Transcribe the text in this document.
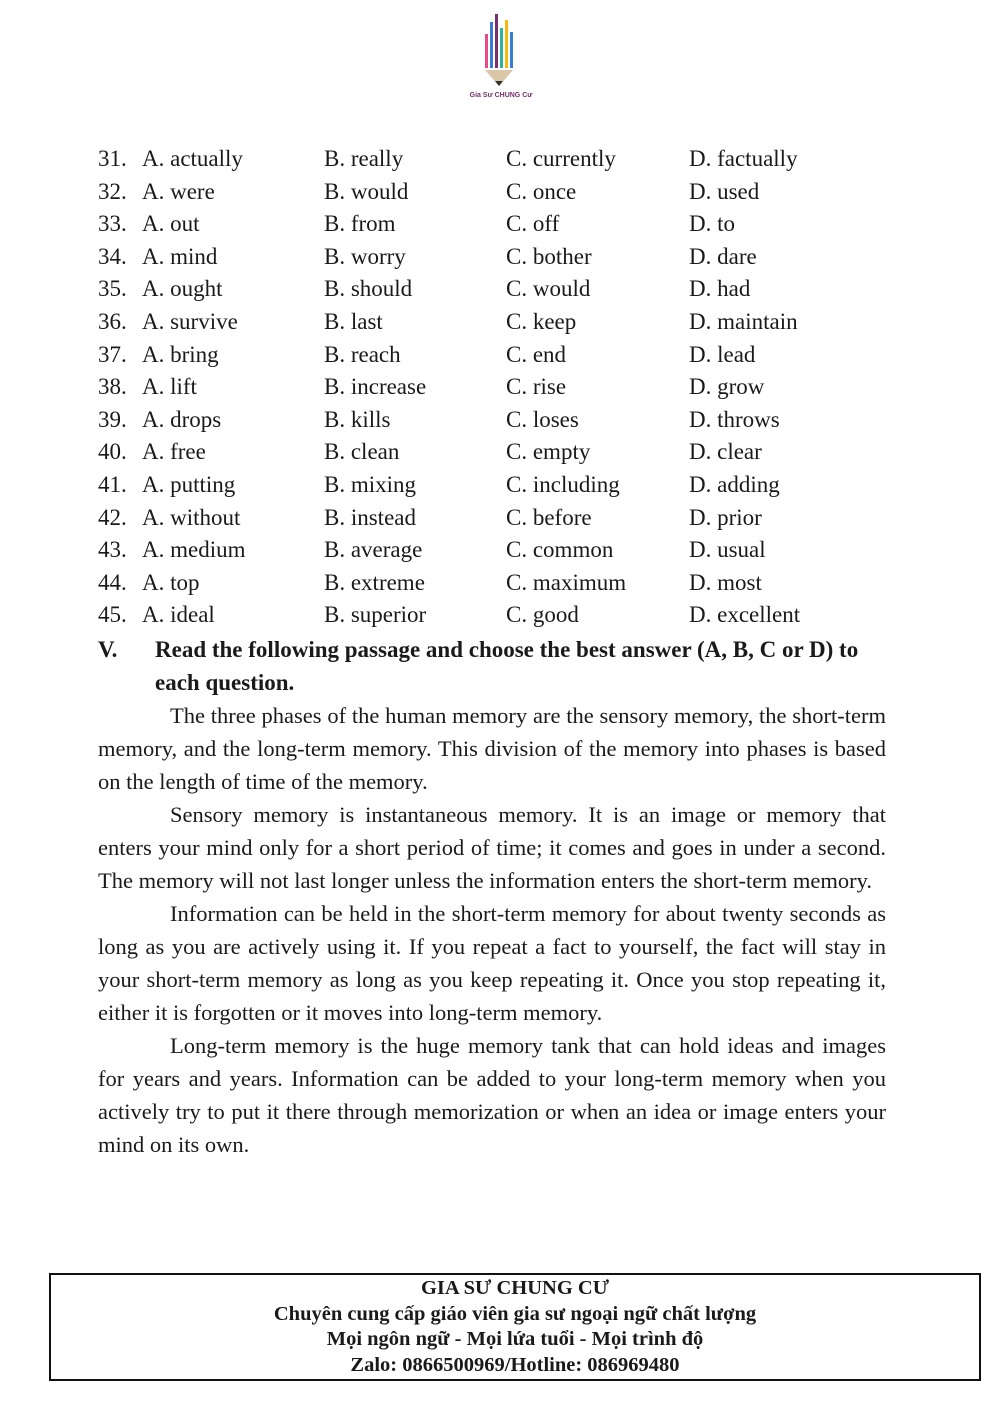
Gia Sư CHUNG Cư
31. A. actually	B. really	C. currently	D. factually
32. A. were	B. would	C. once	D. used
33. A. out	B. from	C. off	D. to
34. A. mind	B. worry	C. bother	D. dare
35. A. ought	B. should	C. would	D. had
36. A. survive	B. last	C. keep	D. maintain
37. A. bring	B. reach	C. end	D. lead
38. A. lift	B. increase	C. rise	D. grow
39. A. drops	B. kills	C. loses	D. throws
40. A. free	B. clean	C. empty	D. clear
41. A. putting	B. mixing	C. including	D. adding
42. A. without	B. instead	C. before	D. prior
43. A. medium	B. average	C. common	D. usual
44. A. top	B. extreme	C. maximum	D. most
45. A. ideal	B. superior	C. good	D. excellent
V. Read the following passage and choose the best answer (A, B, C or D) to each question.

The three phases of the human memory are the sensory memory, the short-term memory, and the long-term memory. This division of the memory into phases is based on the length of time of the memory.

Sensory memory is instantaneous memory. It is an image or memory that enters your mind only for a short period of time; it comes and goes in under a second. The memory will not last longer unless the information enters the short-term memory.

Information can be held in the short-term memory for about twenty seconds as long as you are actively using it. If you repeat a fact to yourself, the fact will stay in your short-term memory as long as you keep repeating it. Once you stop repeating it, either it is forgotten or it moves into long-term memory.

Long-term memory is the huge memory tank that can hold ideas and images for years and years. Information can be added to your long-term memory when you actively try to put it there through memorization or when an idea or image enters your mind on its own.

GIA SƯ CHUNG CƯ
Chuyên cung cấp giáo viên gia sư ngoại ngữ chất lượng
Mọi ngôn ngữ - Mọi lứa tuổi - Mọi trình độ
Zalo: 0866500969/Hotline: 086969480
